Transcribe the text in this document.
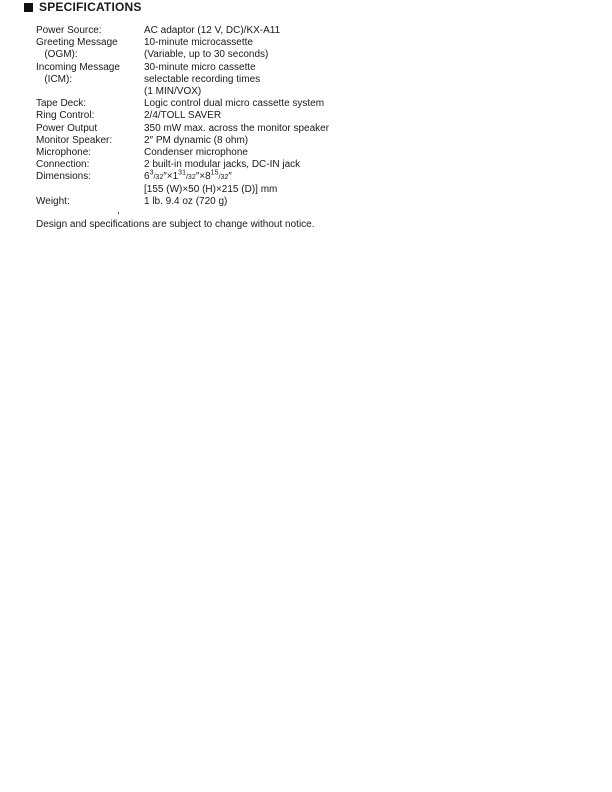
SPECIFICATIONS
Power Source:	AC adaptor (12 V, DC)/KX-A11
Greeting Message	10-minute microcassette
(OGM):	(Variable, up to 30 seconds)
Incoming Message	30-minute micro cassette
(ICM):	selectable recording times
(1 MIN/VOX)
Tape Deck:	Logic control dual micro cassette system
Ring Control:	2/4/TOLL SAVER
Power Output	350 mW max. across the monitor speaker
Monitor Speaker:	2″ PM dynamic (8 ohm)
Microphone:	Condenser microphone
Connection:	2 built-in modular jacks, DC-IN jack
Dimensions:	$6^3/32''\times 1^{31}/32''\times 8^{15}/32''$
[155 (W)×50 (H)×215 (D)] mm
Weight:	1 lb. 9.4 oz (720 g)
Design and specifications are subject to change without notice.
